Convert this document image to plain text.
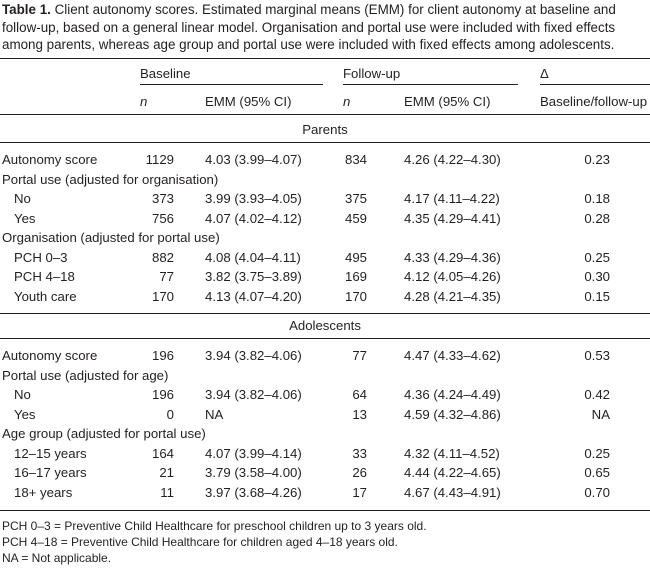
Table 1. Client autonomy scores. Estimated marginal means (EMM) for client autonomy at baseline and follow-up, based on a general linear model. Organisation and portal use were included with fixed effects among parents, whereas age group and portal use were included with fixed effects among adolescents.
Baseline	Follow-up	Δ
n	EMM (95% CI)	n	EMM (95% CI)	Baseline/follow-up
Parents
Autonomy score	1129 4.03 (3.99–4.07)	834	4.26 (4.22–4.30)	0.23
Portal use (adjusted for organisation)
No	373 3.99 (3.93–4.05)	375	4.17 (4.11–4.22)	0.18
Yes	756 4.07 (4.02–4.12)	459	4.35 (4.29–4.41)	0.28
Organisation (adjusted for portal use)
PCH 0–3	882 4.08 (4.04–4.11)	495	4.33 (4.29–4.36)	0.25
PCH 4–18	77 3.82 (3.75–3.89)	169	4.12 (4.05–4.26)	0.30
Youth care	170 4.13 (4.07–4.20)	170	4.28 (4.21–4.35)	0.15
Adolescents
Autonomy score	196 3.94 (3.82–4.06)	77	4.47 (4.33–4.62)	0.53
Portal use (adjusted for age)
No	196 3.94 (3.82–4.06)	64	4.36 (4.24–4.49)	0.42
Yes	0 NA	13	4.59 (4.32–4.86)	NA
Age group (adjusted for portal use)
12–15 years	164 4.07 (3.99–4.14)	33	4.32 (4.11–4.52)	0.25
16–17 years	21 3.79 (3.58–4.00)	26	4.44 (4.22–4.65)	0.65
18+ years	11 3.97 (3.68–4.26)	17	4.67 (4.43–4.91)	0.70
PCH 0–3 = Preventive Child Healthcare for preschool children up to 3 years old.
PCH 4–18 = Preventive Child Healthcare for children aged 4–18 years old.
NA = Not applicable.
